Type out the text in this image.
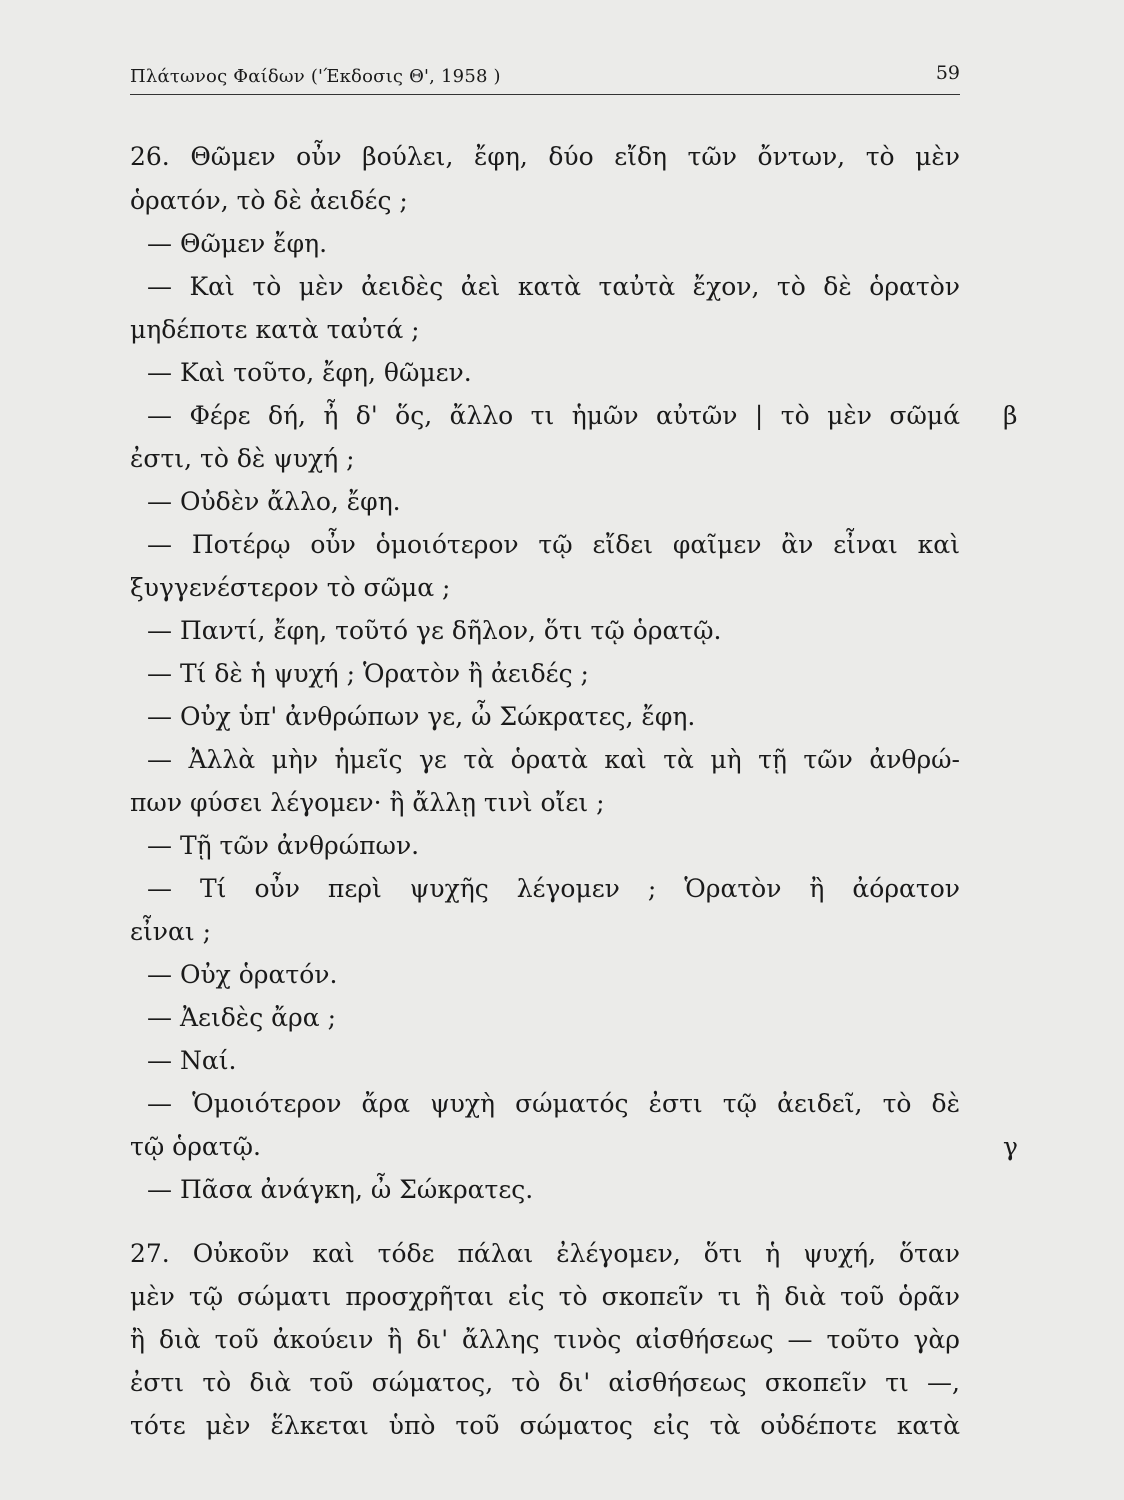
Πλάτωνος Φαίδων ('Έκδοσις Θ', 1958 )	59
26. Θῶμεν οὖν βούλει, ἔφη, δύο εἴδη τῶν ὄντων, τὸ μὲν
ὁρατόν, τὸ δὲ ἀειδές ;
— Θῶμεν ἔφη.
— Καὶ τὸ μὲν ἀειδὲς ἀεὶ κατὰ ταὐτὰ ἔχον, τὸ δὲ ὁρατὸν
μηδέποτε κατὰ ταὐτά ;
— Καὶ τοῦτο, ἔφη, θῶμεν.
— Φέρε δή, ἦ δ' ὅς, ἄλλο τι ἡμῶν αὐτῶν | τὸ μὲν σῶμά
ἐστι, τὸ δὲ ψυχή ;
— Οὐδὲν ἄλλο, ἔφη.
— Ποτέρῳ οὖν ὁμοιότερον τῷ εἴδει φαῖμεν ἂν εἶναι καὶ
ξυγγενέστερον τὸ σῶμα ;
— Παντί, ἔφη, τοῦτό γε δῆλον, ὅτι τῷ ὁρατῷ.
— Τί δὲ ἡ ψυχή ; Ὁρατὸν ἢ ἀειδές ;
— Οὐχ ὑπ' ἀνθρώπων γε, ὦ Σώκρατες, ἔφη.
— Ἀλλὰ μὴν ἡμεῖς γε τὰ ὁρατὰ καὶ τὰ μὴ τῇ τῶν ἀνθρώ-
πων φύσει λέγομεν· ἢ ἄλλῃ τινὶ οἴει ;
— Τῇ τῶν ἀνθρώπων.
— Τί οὖν περὶ ψυχῆς λέγομεν ; Ὁρατὸν ἢ ἀόρατον
εἶναι ;
— Οὐχ ὁρατόν.
— Ἀειδὲς ἄρα ;
— Ναί.
— Ὁμοιότερον ἄρα ψυχὴ σώματός ἐστι τῷ ἀειδεῖ, τὸ δὲ
τῷ ὁρατῷ.
— Πᾶσα ἀνάγκη, ὦ Σώκρατες.
27. Οὐκοῦν καὶ τόδε πάλαι ἐλέγομεν, ὅτι ἡ ψυχή, ὅταν
μὲν τῷ σώματι προσχρῆται εἰς τὸ σκοπεῖν τι ἢ διὰ τοῦ ὁρᾶν
ἢ διὰ τοῦ ἀκούειν ἢ δι' ἄλλης τινὸς αἰσθήσεως — τοῦτο γὰρ
ἐστι τὸ διὰ τοῦ σώματος, τὸ δι' αἰσθήσεως σκοπεῖν τι —,
τότε μὲν ἕλκεται ὑπὸ τοῦ σώματος εἰς τὰ οὐδέποτε κατὰ
β
γ
